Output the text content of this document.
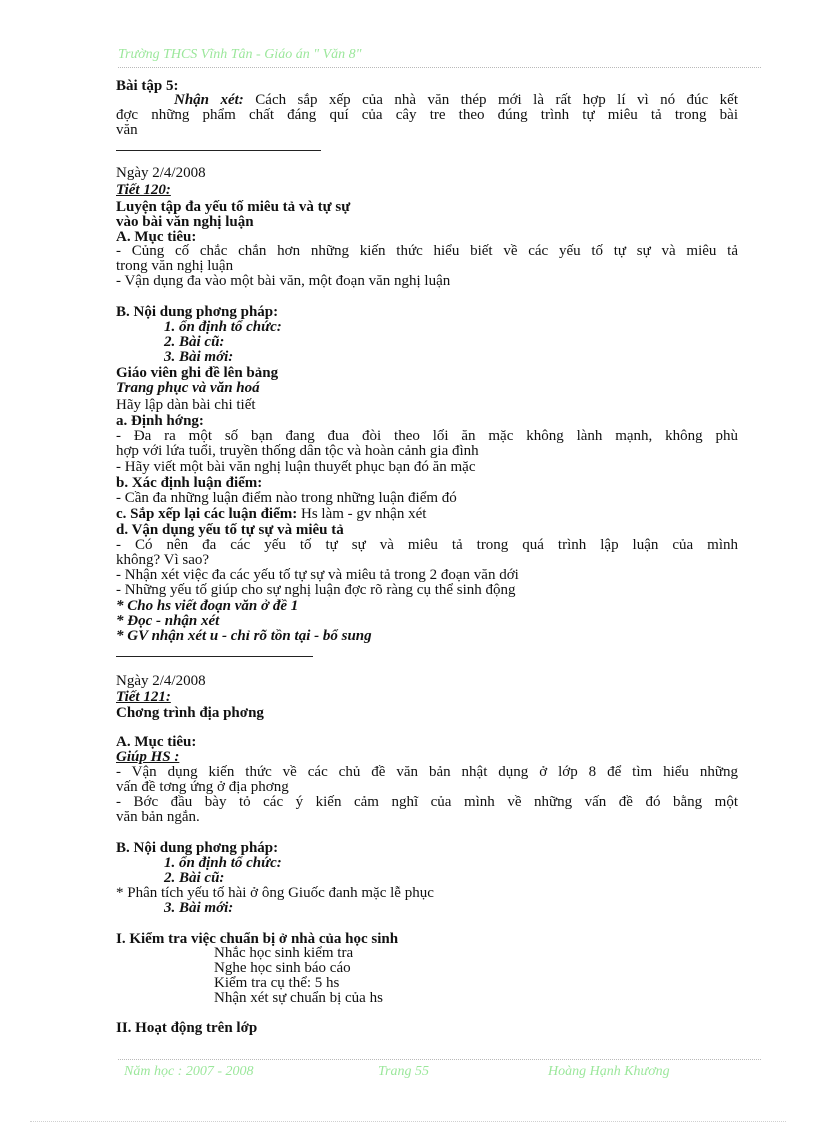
Trường THCS Vĩnh Tân - Giáo án " Văn 8"
Bài tập 5:
Nhận xét: Cách sắp xếp của nhà văn thép mới là rất hợp lí vì nó đúc kết
đợc những phẩm chất đáng quí của cây tre theo đúng trình tự miêu tả trong bài
văn
Ngày 2/4/2008
Tiết 120:
Luyện tập đa yếu tố miêu tả và tự sự
vào bài văn nghị luận
A. Mục tiêu:
- Củng cố chắc chắn hơn những kiến thức hiểu biết về các yếu tố tự sự và miêu tả
trong văn nghị luận
- Vận dụng đa vào một bài văn, một đoạn văn nghị luận
B. Nội dung phơng pháp:
1. ổn định tổ chức:
2. Bài cũ:
3. Bài mới:
Giáo viên ghi đề lên bảng
Trang phục và văn hoá
Hãy lập dàn bài chi tiết
a. Định hớng:
- Đa ra một số bạn đang đua đòi theo lối ăn mặc không lành mạnh, không phù
hợp với lứa tuổi, truyền thống dân tộc và hoàn cảnh gia đình
- Hãy viết một bài văn nghị luận thuyết phục bạn đó ăn mặc
b. Xác định luận điểm:
- Cần đa những luận điểm nào trong những luận điểm đó
c. Sắp xếp lại các luận điểm: Hs làm - gv nhận xét
d. Vận dụng yếu tố tự sự và miêu tả
- Có nên đa các yếu tố tự sự và miêu tả trong quá trình lập luận của mình
không? Vì sao?
- Nhận xét việc đa các yếu tố tự sự và miêu tả trong 2 đoạn văn dới
- Những yếu tố giúp cho sự nghị luận đợc rõ ràng cụ thể sinh động
* Cho hs viết đoạn văn ở đề 1
* Đọc - nhận xét
* GV nhận xét u - chỉ rõ tồn tại - bổ sung
Ngày 2/4/2008
Tiết 121:
Chơng trình địa phơng
A. Mục tiêu:
Giúp HS :
- Vận dụng kiến thức về các chủ đề văn bản nhật dụng ở lớp 8 để tìm hiểu những
vấn đề tơng ứng ở địa phơng
- Bớc đầu bày tỏ các ý kiến cảm nghĩ của mình về những vấn đề đó bằng một
văn bản ngắn.
B. Nội dung phơng pháp:
1. ổn định tổ chức:
2. Bài cũ:
* Phân tích yếu tố hài ở ông Giuốc đanh mặc lễ phục
3. Bài mới:
I. Kiểm tra việc chuẩn bị ở nhà của học sinh
Nhắc học sinh kiểm tra
Nghe học sinh báo cáo
Kiểm tra cụ thể: 5 hs
Nhận xét sự chuẩn bị của hs
II. Hoạt động trên lớp
Năm học : 2007 - 2008	Trang 55	Hoàng Hạnh Khương
